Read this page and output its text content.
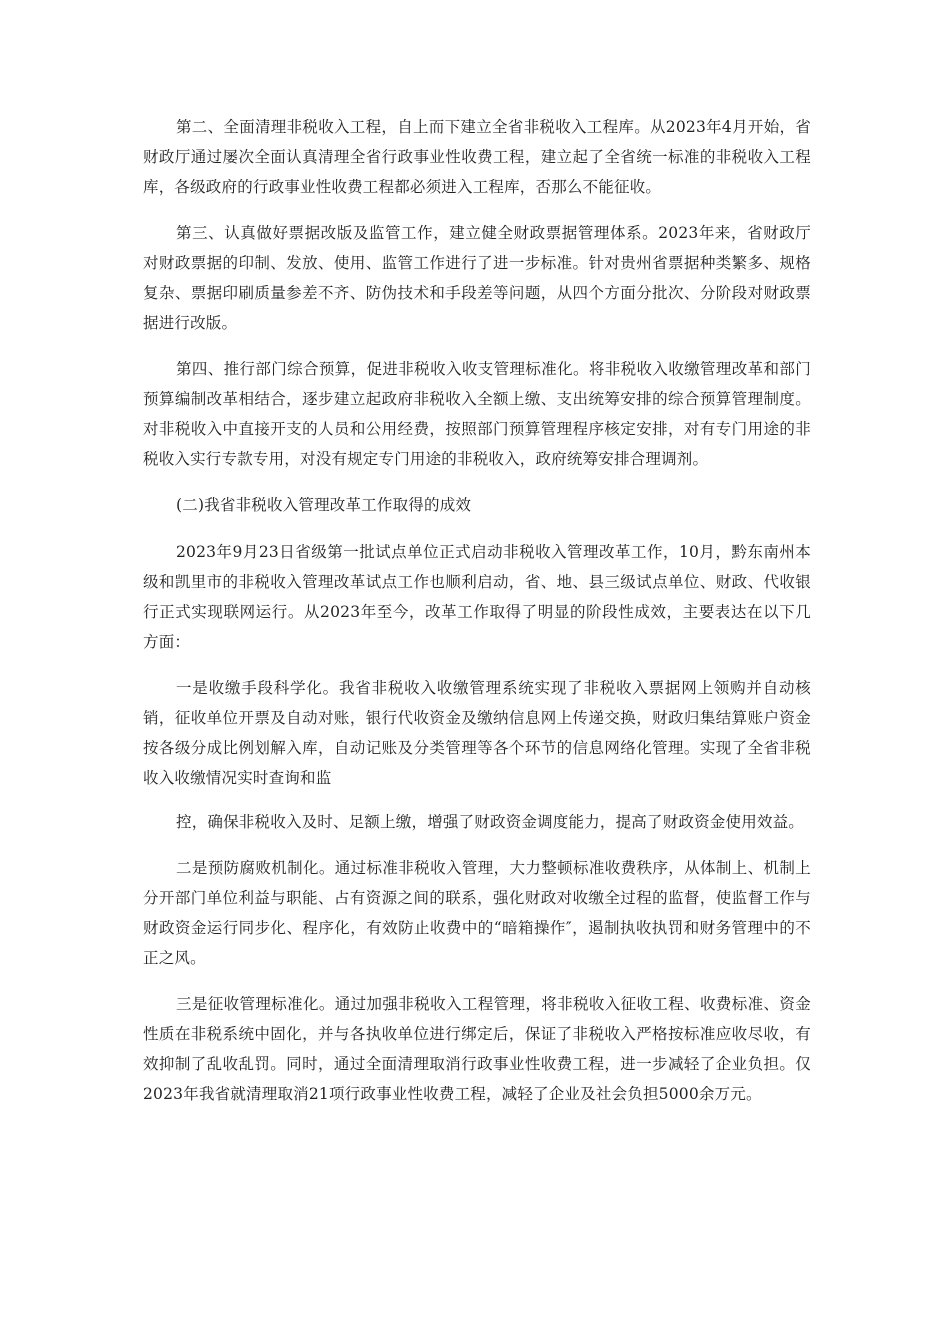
第二、全面清理非税收入工程，自上而下建立全省非税收入工程库。从2023年4月开始，省财政厅通过屡次全面认真清理全省行政事业性收费工程，建立起了全省统一标准的非税收入工程库，各级政府的行政事业性收费工程都必须进入工程库，否那么不能征收。

第三、认真做好票据改版及监管工作，建立健全财政票据管理体系。2023年来，省财政厅对财政票据的印制、发放、使用、监管工作进行了进一步标准。针对贵州省票据种类繁多、规格复杂、票据印刷质量参差不齐、防伪技术和手段差等问题，从四个方面分批次、分阶段对财政票据进行改版。

第四、推行部门综合预算，促进非税收入收支管理标准化。将非税收入收缴管理改革和部门预算编制改革相结合，逐步建立起政府非税收入全额上缴、支出统筹安排的综合预算管理制度。对非税收入中直接开支的人员和公用经费，按照部门预算管理程序核定安排，对有专门用途的非税收入实行专款专用，对没有规定专门用途的非税收入，政府统筹安排合理调剂。

(二)我省非税收入管理改革工作取得的成效

2023年9月23日省级第一批试点单位正式启动非税收入管理改革工作，10月，黔东南州本级和凯里市的非税收入管理改革试点工作也顺利启动，省、地、县三级试点单位、财政、代收银行正式实现联网运行。从2023年至今，改革工作取得了明显的阶段性成效，主要表达在以下几方面：

一是收缴手段科学化。我省非税收入收缴管理系统实现了非税收入票据网上领购并自动核销，征收单位开票及自动对账，银行代收资金及缴纳信息网上传递交换，财政归集结算账户资金按各级分成比例划解入库，自动记账及分类管理等各个环节的信息网络化管理。实现了全省非税收入收缴情况实时查询和监

控，确保非税收入及时、足额上缴，增强了财政资金调度能力，提高了财政资金使用效益。

二是预防腐败机制化。通过标准非税收入管理，大力整顿标准收费秩序，从体制上、机制上分开部门单位利益与职能、占有资源之间的联系，强化财政对收缴全过程的监督，使监督工作与财政资金运行同步化、程序化，有效防止收费中的“暗箱操作″，遏制执收执罚和财务管理中的不正之风。

三是征收管理标准化。通过加强非税收入工程管理，将非税收入征收工程、收费标准、资金性质在非税系统中固化，并与各执收单位进行绑定后，保证了非税收入严格按标准应收尽收，有效抑制了乱收乱罚。同时，通过全面清理取消行政事业性收费工程，进一步减轻了企业负担。仅2023年我省就清理取消21项行政事业性收费工程，减轻了企业及社会负担5000余万元。
